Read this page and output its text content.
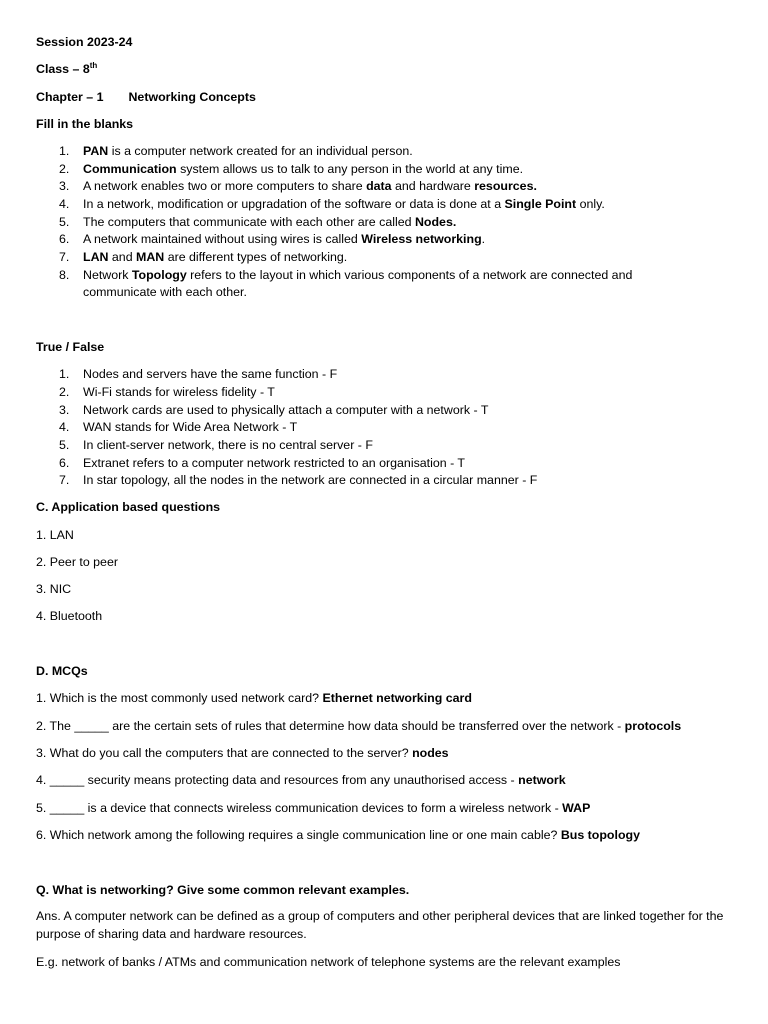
Session 2023-24
Class – 8th
Chapter – 1 Networking Concepts
Fill in the blanks
1. PAN is a computer network created for an individual person.
2. Communication system allows us to talk to any person in the world at any time.
3. A network enables two or more computers to share data and hardware resources.
4. In a network, modification or upgradation of the software or data is done at a Single Point only.
5. The computers that communicate with each other are called Nodes.
6. A network maintained without using wires is called Wireless networking.
7. LAN and MAN are different types of networking.
8. Network Topology refers to the layout in which various components of a network are connected and
communicate with each other.
True / False
1. Nodes and servers have the same function - F
2. Wi-Fi stands for wireless fidelity - T
3. Network cards are used to physically attach a computer with a network - T
4. WAN stands for Wide Area Network - T
5. In client-server network, there is no central server - F
6. Extranet refers to a computer network restricted to an organisation - T
7. In star topology, all the nodes in the network are connected in a circular manner - F
C. Application based questions
1. LAN
2. Peer to peer
3. NIC
4. Bluetooth
D. MCQs
1. Which is the most commonly used network card? Ethernet networking card
2. The _____ are the certain sets of rules that determine how data should be transferred over the network - protocols
3. What do you call the computers that are connected to the server? nodes
4. _____ security means protecting data and resources from any unauthorised access - network
5. _____ is a device that connects wireless communication devices to form a wireless network - WAP
6. Which network among the following requires a single communication line or one main cable? Bus topology
Q. What is networking? Give some common relevant examples.
Ans. A computer network can be defined as a group of computers and other peripheral devices that are linked together for the purpose of sharing data and hardware resources.
E.g. network of banks / ATMs and communication network of telephone systems are the relevant examples
